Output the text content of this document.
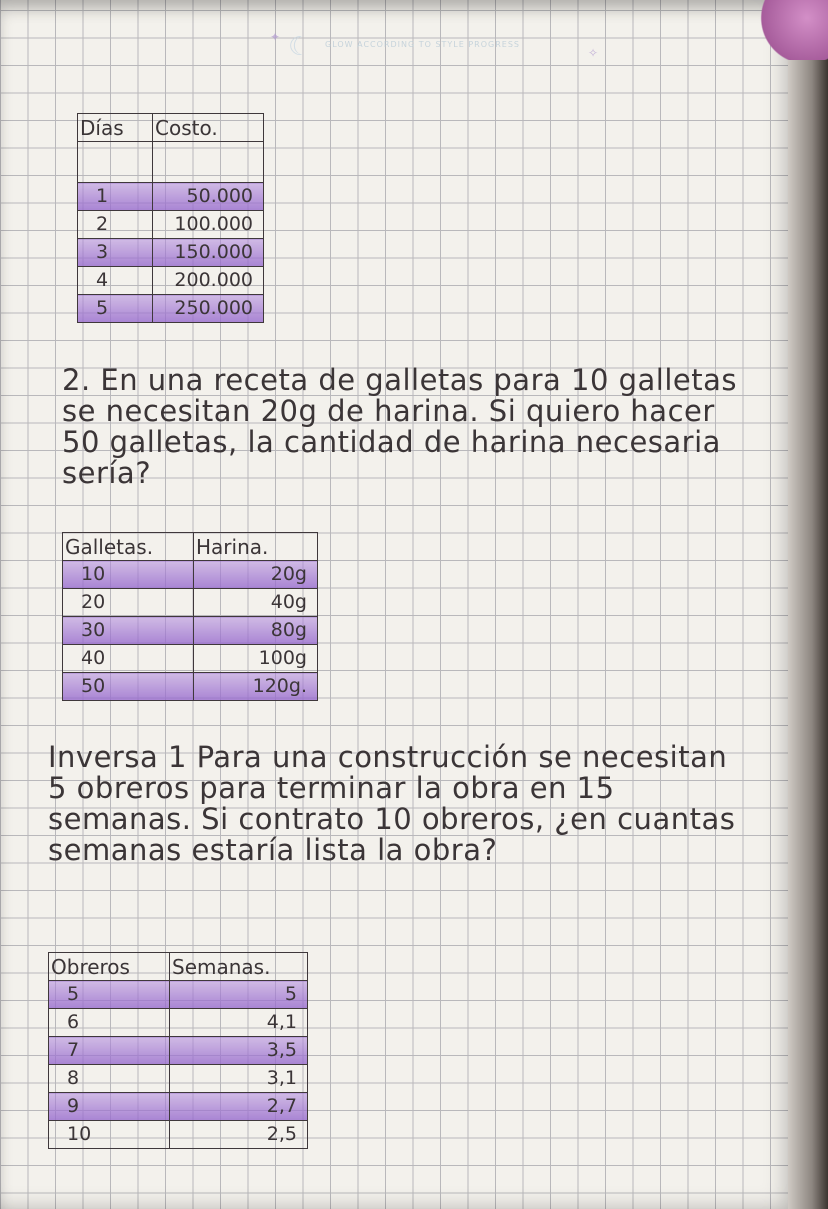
✦ ☾ GLOW ACCORDING TO STYLE PROGRESS
✧
Días	Costo.

1	50.000
2	100.000
3	150.000
4	200.000
5	250.000
2. En una receta de galletas para 10 galletas
se necesitan 20g de harina. Si quiero hacer
50 galletas, la cantidad de harina necesaria
sería?
Galletas.	Harina.
10	20g
20	40g
30	80g
40	100g
50	120g.
Inversa 1 Para una construcción se necesitan
5 obreros para terminar la obra en 15
semanas. Si contrato 10 obreros, ¿en cuantas
semanas estaría lista la obra?
Obreros	Semanas.
5	5
6	4,1
7	3,5
8	3,1
9	2,7
10	2,5
